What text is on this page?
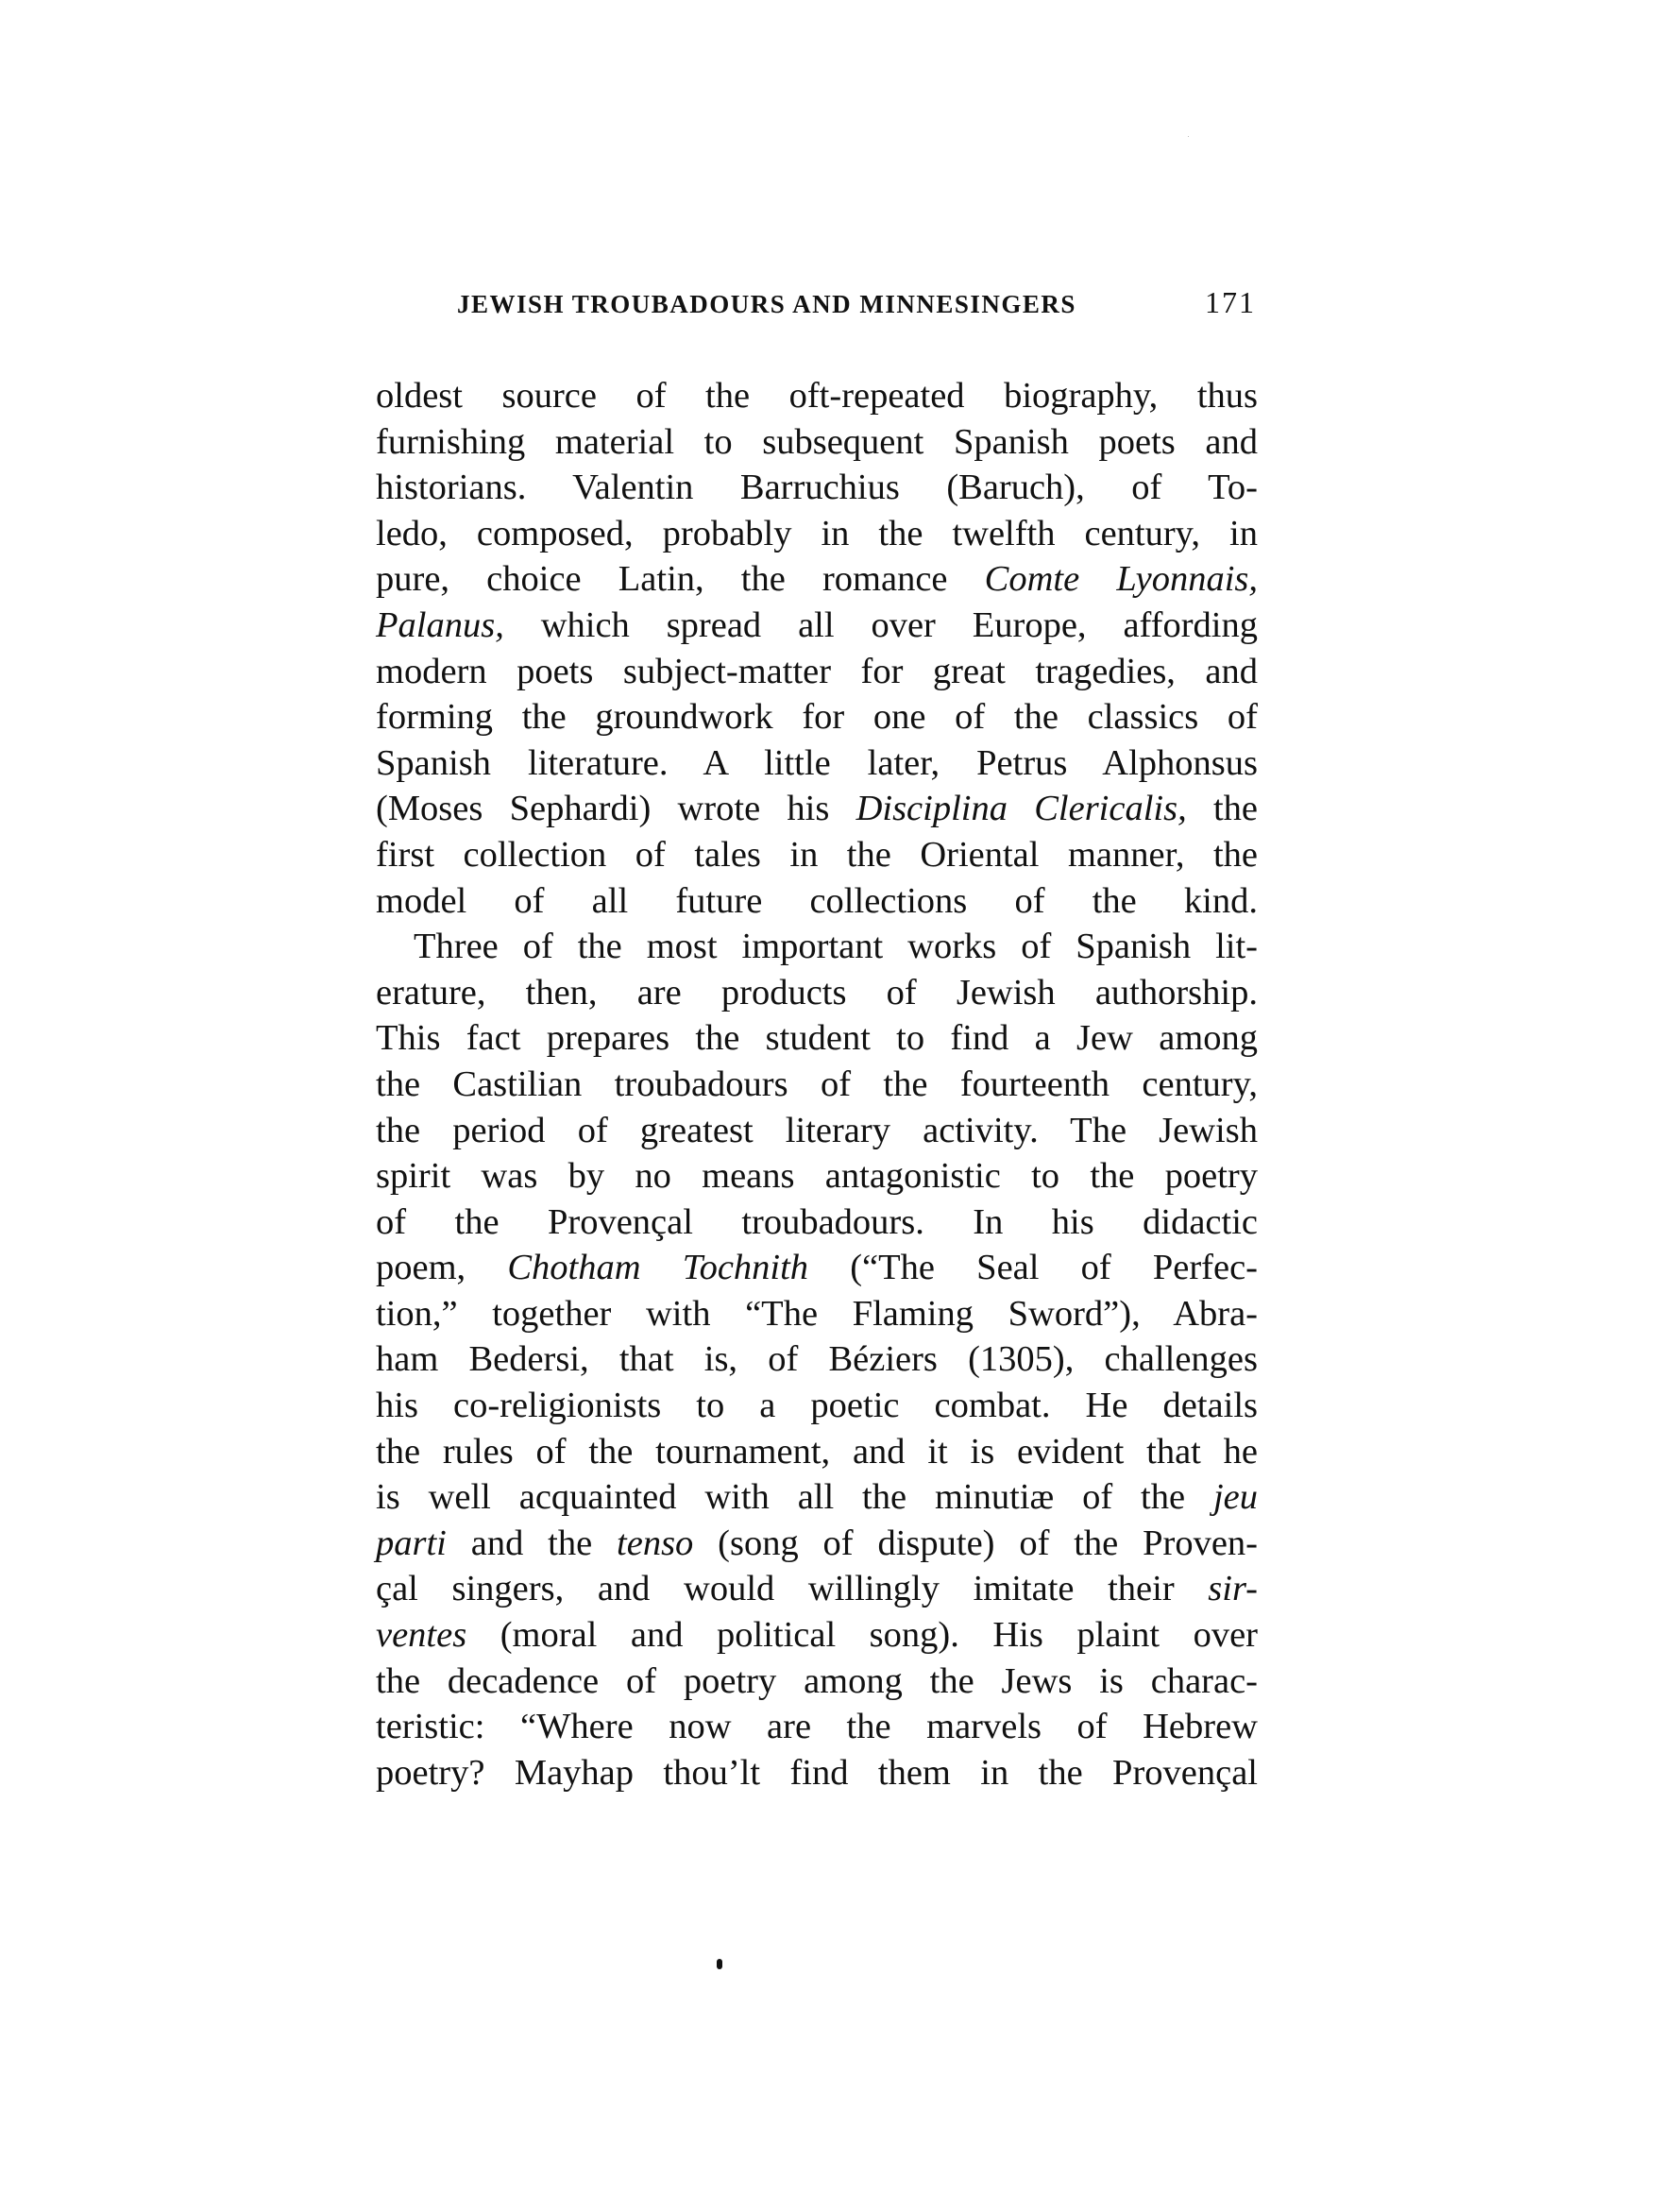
JEWISH TROUBADOURS AND MINNESINGERS	171
oldest source of the oft-repeated biography, thus
furnishing material to subsequent Spanish poets and
historians. Valentin Barruchius (Baruch), of To-
ledo, composed, probably in the twelfth century, in
pure, choice Latin, the romance Comte Lyonnais,
Palanus, which spread all over Europe, affording
modern poets subject-matter for great tragedies, and
forming the groundwork for one of the classics of
Spanish literature. A little later, Petrus Alphonsus
(Moses Sephardi) wrote his Disciplina Clericalis, the
first collection of tales in the Oriental manner, the
model of all future collections of the kind.
Three of the most important works of Spanish lit-
erature, then, are products of Jewish authorship.
This fact prepares the student to find a Jew among
the Castilian troubadours of the fourteenth century,
the period of greatest literary activity. The Jewish
spirit was by no means antagonistic to the poetry
of the Provençal troubadours. In his didactic
poem, Chotham Tochnith (“The Seal of Perfec-
tion,” together with “The Flaming Sword”), Abra-
ham Bedersi, that is, of Béziers (1305), challenges
his co-religionists to a poetic combat. He details
the rules of the tournament, and it is evident that he
is well acquainted with all the minutiæ of the jeu
parti and the tenso (song of dispute) of the Proven-
çal singers, and would willingly imitate their sir-
ventes (moral and political song). His plaint over
the decadence of poetry among the Jews is charac-
teristic: “Where now are the marvels of Hebrew
poetry? Mayhap thou’lt find them in the Provençal
